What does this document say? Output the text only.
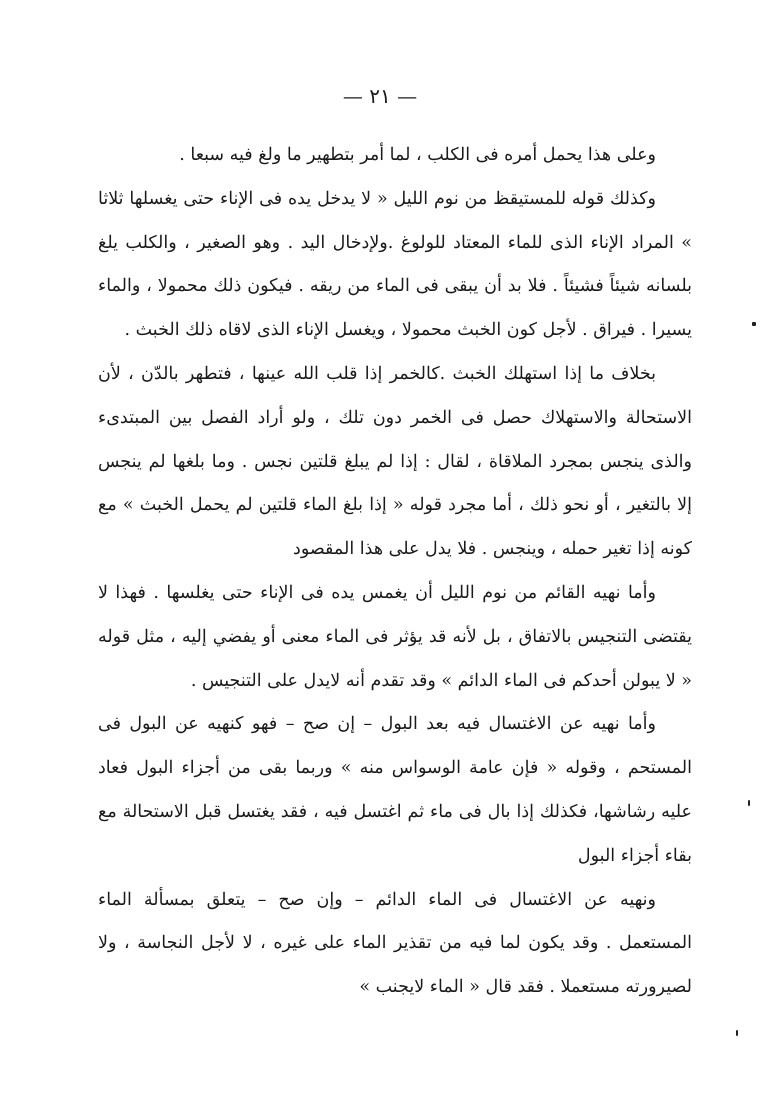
— ٢١ —

وعلى هذا يحمل أمره فى الكلب ، لما أمر بتطهير ما ولغ فيه سبعا .

وكذلك قوله للمستيقظ من نوم الليل « لا يدخل يده فى الإناء حتى يغسلها ثلاثا » المراد الإناء الذى للماء المعتاد للولوغ .ولإدخال اليد . وهو الصغير ، والكلب يلغ بلسانه شيئاً فشيئاً . فلا بد أن يبقى فى الماء من ريقه . فيكون ذلك محمولا ، والماء يسيرا . فيراق . لأجل كون الخبث محمولا ، ويغسل الإناء الذى لاقاه ذلك الخبث .

بخلاف ما إذا استهلك الخبث .كالخمر إذا قلب الله عينها ، فتطهر بالدّن ، لأن الاستحالة والاستهلاك حصل فى الخمر دون تلك ، ولو أراد الفصل بين المبتدىء والذى ينجس بمجرد الملاقاة ، لقال : إذا لم يبلغ قلتين نجس . وما بلغها لم ينجس إلا بالتغير ، أو نحو ذلك ، أما مجرد قوله « إذا بلغ الماء قلتين لم يحمل الخبث » مع كونه إذا تغير حمله ، وينجس . فلا يدل على هذا المقصود

وأما نهيه القائم من نوم الليل أن يغمس يده فى الإناء حتى يغلسها . فهذا لا يقتضى التنجيس بالاتفاق ، بل لأنه قد يؤثر فى الماء معنى أو يفضي إليه ، مثل قوله « لا يبولن أحدكم فى الماء الدائم » وقد تقدم أنه لايدل على التنجيس .

وأما نهيه عن الاغتسال فيه بعد البول – إن صح – فهو كنهيه عن البول فى المستحم ، وقوله « فإن عامة الوسواس منه » وربما بقى من أجزاء البول فعاد عليه رشاشها، فكذلك إذا بال فى ماء ثم اغتسل فيه ، فقد يغتسل قبل الاستحالة مع بقاء أجزاء البول

ونهيه عن الاغتسال فى الماء الدائم – وإن صح – يتعلق بمسألة الماء المستعمل . وقد يكون لما فيه من تقذير الماء على غيره ، لا لأجل النجاسة ، ولا لصيرورته مستعملا . فقد قال « الماء لايجنب »
